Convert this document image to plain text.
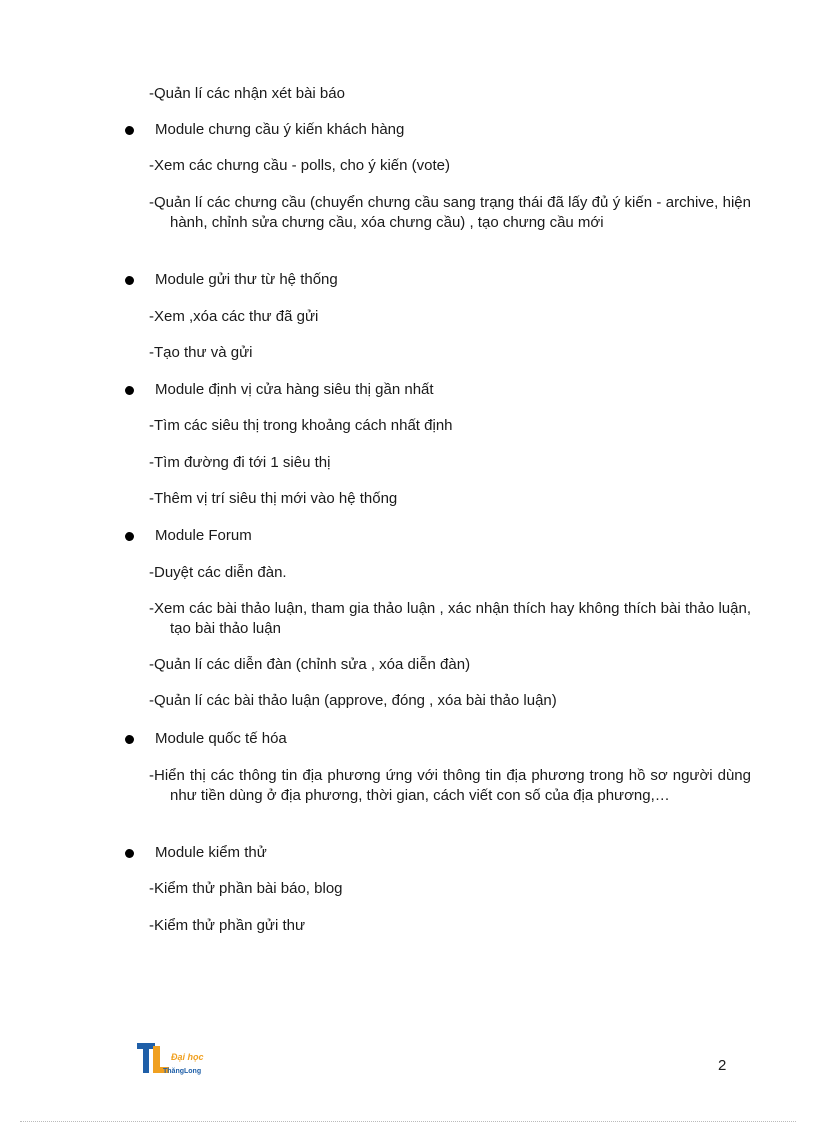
-Quản lí các nhận xét bài báo
Module chưng cầu ý kiến khách hàng
-Xem các chưng cầu - polls, cho ý kiến (vote)
-Quản lí các chưng cầu (chuyển chưng cầu sang trạng thái đã lấy đủ ý kiến - archive, hiện hành, chỉnh sửa chưng cầu, xóa chưng cầu) , tạo chưng cầu mới
Module gửi thư từ hệ thống
-Xem ,xóa các thư đã gửi
-Tạo thư và gửi
Module định vị cửa hàng siêu thị gần nhất
-Tìm các siêu thị trong khoảng cách nhất định
-Tìm đường đi tới 1 siêu thị
-Thêm vị trí siêu thị mới vào hệ thống
Module Forum
-Duyệt các diễn đàn.
-Xem các bài thảo luận, tham gia thảo luận , xác nhận thích hay không thích bài thảo luận, tạo bài thảo luận
-Quản lí các diễn đàn (chỉnh sửa , xóa diễn đàn)
-Quản lí các bài thảo luận (approve, đóng , xóa bài thảo luận)
Module quốc tế hóa
-Hiển thị các thông tin địa phương ứng với thông tin địa phương trong hồ sơ người dùng như tiền dùng ở địa phương, thời gian, cách viết con số của địa phương,…
Module kiểm thử
-Kiểm thử phần bài báo, blog
-Kiểm thử phần gửi thư
Đại học
ThăngLong	2
